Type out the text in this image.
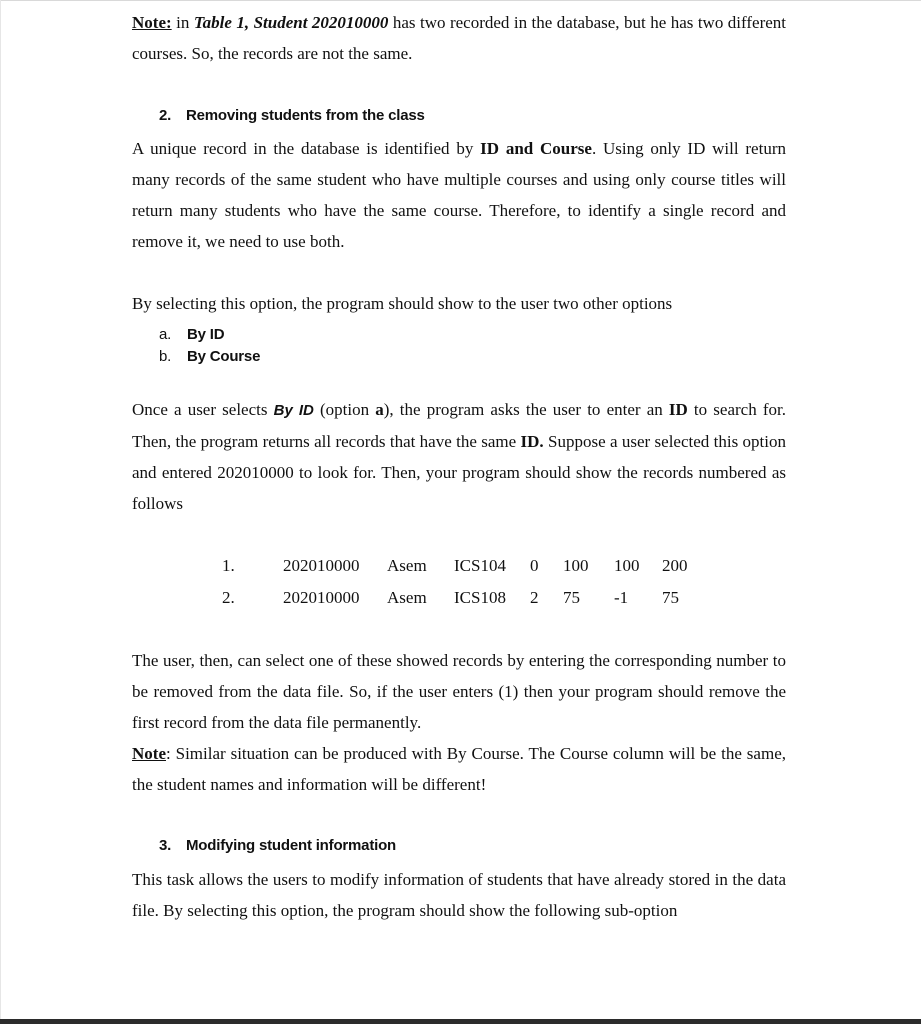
Note: in Table 1, Student 202010000 has two recorded in the database, but he has two different courses. So, the records are not the same.

2. Removing students from the class

A unique record in the database is identified by ID and Course. Using only ID will return many records of the same student who have multiple courses and using only course titles will return many students who have the same course. Therefore, to identify a single record and remove it, we need to use both.

By selecting this option, the program should show to the user two other options

a. By ID
b. By Course

Once a user selects By ID (option a), the program asks the user to enter an ID to search for. Then, the program returns all records that have the same ID. Suppose a user selected this option and entered 202010000 to look for. Then, your program should show the records numbered as follows

1.	202010000 Asem ICS104 0 100 100 200
2.	202010000 Asem ICS108 2 75 -1 75

The user, then, can select one of these showed records by entering the corresponding number to be removed from the data file. So, if the user enters (1) then your program should remove the first record from the data file permanently.
Note: Similar situation can be produced with By Course. The Course column will be the same, the student names and information will be different!

3. Modifying student information

This task allows the users to modify information of students that have already stored in the data file. By selecting this option, the program should show the following sub-option
